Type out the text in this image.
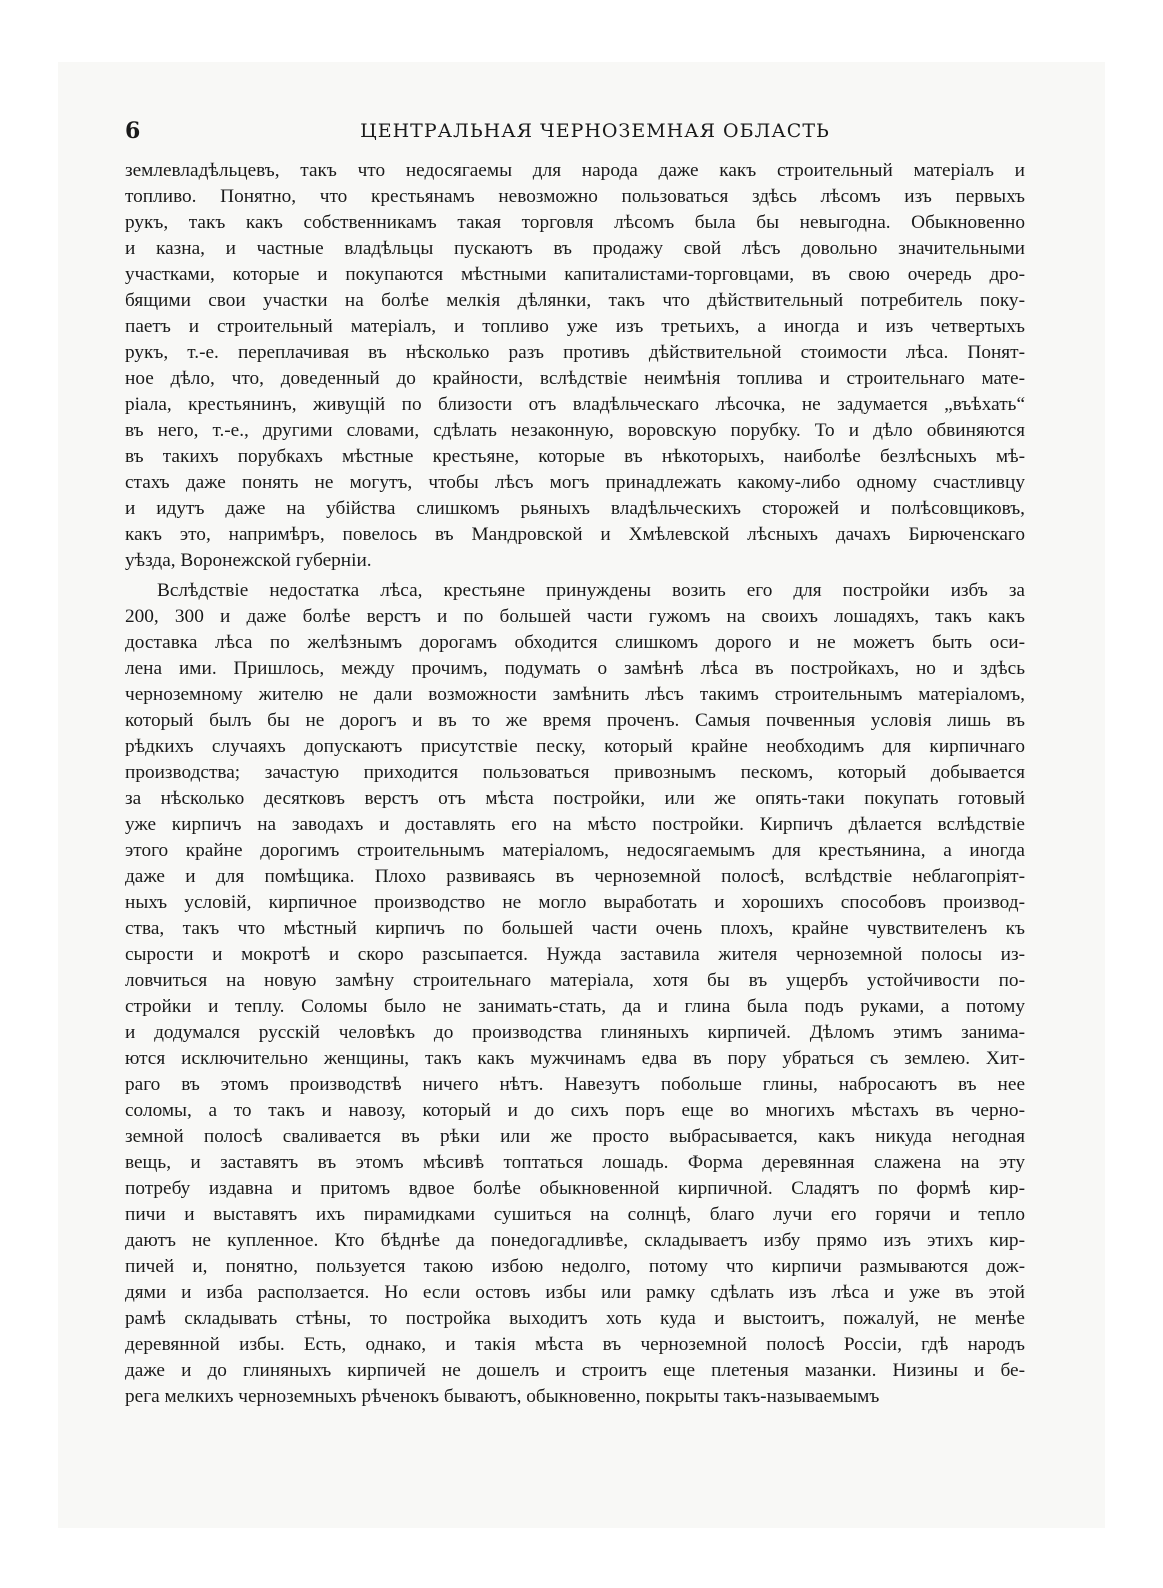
6	ЦЕНТРАЛЬНАЯ ЧЕРНОЗЕМНАЯ ОБЛАСТЬ
землевладѣльцевъ, такъ что недосягаемы для народа даже какъ строительный матеріалъ и
топливо. Понятно, что крестьянамъ невозможно пользоваться здѣсь лѣсомъ изъ первыхъ
рукъ, такъ какъ собственникамъ такая торговля лѣсомъ была бы невыгодна. Обыкновенно
и казна, и частные владѣльцы пускаютъ въ продажу свой лѣсъ довольно значительными
участками, которые и покупаются мѣстными капиталистами-торговцами, въ свою очередь дро-
бящими свои участки на болѣе мелкія дѣлянки, такъ что дѣйствительный потребитель поку-
паетъ и строительный матеріалъ, и топливо уже изъ третьихъ, а иногда и изъ четвертыхъ
рукъ, т.-е. переплачивая въ нѣсколько разъ противъ дѣйствительной стоимости лѣса. Понят-
ное дѣло, что, доведенный до крайности, вслѣдствіе неимѣнія топлива и строительнаго мате-
ріала, крестьянинъ, живущій по близости отъ владѣльческаго лѣсочка, не задумается „въѣхать“
въ него, т.-е., другими словами, сдѣлать незаконную, воровскую порубку. То и дѣло обвиняются
въ такихъ порубкахъ мѣстные крестьяне, которые въ нѣкоторыхъ, наиболѣе безлѣсныхъ мѣ-
стахъ даже понять не могутъ, чтобы лѣсъ могъ принадлежать какому-либо одному счастливцу
и идутъ даже на убійства слишкомъ рьяныхъ владѣльческихъ сторожей и полѣсовщиковъ,
какъ это, напримѣръ, повелось въ Мандровской и Хмѣлевской лѣсныхъ дачахъ Бирюченскаго
уѣзда, Воронежской губерніи.
Вслѣдствіе недостатка лѣса, крестьяне принуждены возить его для постройки избъ за
200, 300 и даже болѣе верстъ и по большей части гужомъ на своихъ лошадяхъ, такъ какъ
доставка лѣса по желѣзнымъ дорогамъ обходится слишкомъ дорого и не можетъ быть оси-
лена ими. Пришлось, между прочимъ, подумать о замѣнѣ лѣса въ постройкахъ, но и здѣсь
черноземному жителю не дали возможности замѣнить лѣсъ такимъ строительнымъ матеріаломъ,
который былъ бы не дорогъ и въ то же время проченъ. Самыя почвенныя условія лишь въ
рѣдкихъ случаяхъ допускаютъ присутствіе песку, который крайне необходимъ для кирпичнаго
производства; зачастую приходится пользоваться привознымъ пескомъ, который добывается
за нѣсколько десятковъ верстъ отъ мѣста постройки, или же опять-таки покупать готовый
уже кирпичъ на заводахъ и доставлять его на мѣсто постройки. Кирпичъ дѣлается вслѣдствіе
этого крайне дорогимъ строительнымъ матеріаломъ, недосягаемымъ для крестьянина, а иногда
даже и для помѣщика. Плохо развиваясь въ черноземной полосѣ, вслѣдствіе неблагопріят-
ныхъ условій, кирпичное производство не могло выработать и хорошихъ способовъ производ-
ства, такъ что мѣстный кирпичъ по большей части очень плохъ, крайне чувствителенъ къ
сырости и мокротѣ и скоро разсыпается. Нужда заставила жителя черноземной полосы из-
ловчиться на новую замѣну строительнаго матеріала, хотя бы въ ущербъ устойчивости по-
стройки и теплу. Соломы было не занимать-стать, да и глина была подъ руками, а потому
и додумался русскій человѣкъ до производства глиняныхъ кирпичей. Дѣломъ этимъ занима-
ются исключительно женщины, такъ какъ мужчинамъ едва въ пору убраться съ землею. Хит-
раго въ этомъ производствѣ ничего нѣтъ. Навезутъ побольше глины, набросаютъ въ нее
соломы, а то такъ и навозу, который и до сихъ поръ еще во многихъ мѣстахъ въ черно-
земной полосѣ сваливается въ рѣки или же просто выбрасывается, какъ никуда негодная
вещь, и заставятъ въ этомъ мѣсивѣ топтаться лошадь. Форма деревянная слажена на эту
потребу издавна и притомъ вдвое болѣе обыкновенной кирпичной. Сладятъ по формѣ кир-
пичи и выставятъ ихъ пирамидками сушиться на солнцѣ, благо лучи его горячи и тепло
даютъ не купленное. Кто бѣднѣе да понедогадливѣе, складываетъ избу прямо изъ этихъ кир-
пичей и, понятно, пользуется такою избою недолго, потому что кирпичи размываются дож-
дями и изба расползается. Но если остовъ избы или рамку сдѣлать изъ лѣса и уже въ этой
рамѣ складывать стѣны, то постройка выходитъ хоть куда и выстоитъ, пожалуй, не менѣе
деревянной избы. Есть, однако, и такія мѣста въ черноземной полосѣ Россіи, гдѣ народъ
даже и до глиняныхъ кирпичей не дошелъ и строитъ еще плетеныя мазанки. Низины и бе-
рега мелкихъ черноземныхъ рѣченокъ бываютъ, обыкновенно, покрыты такъ-называемымъ
